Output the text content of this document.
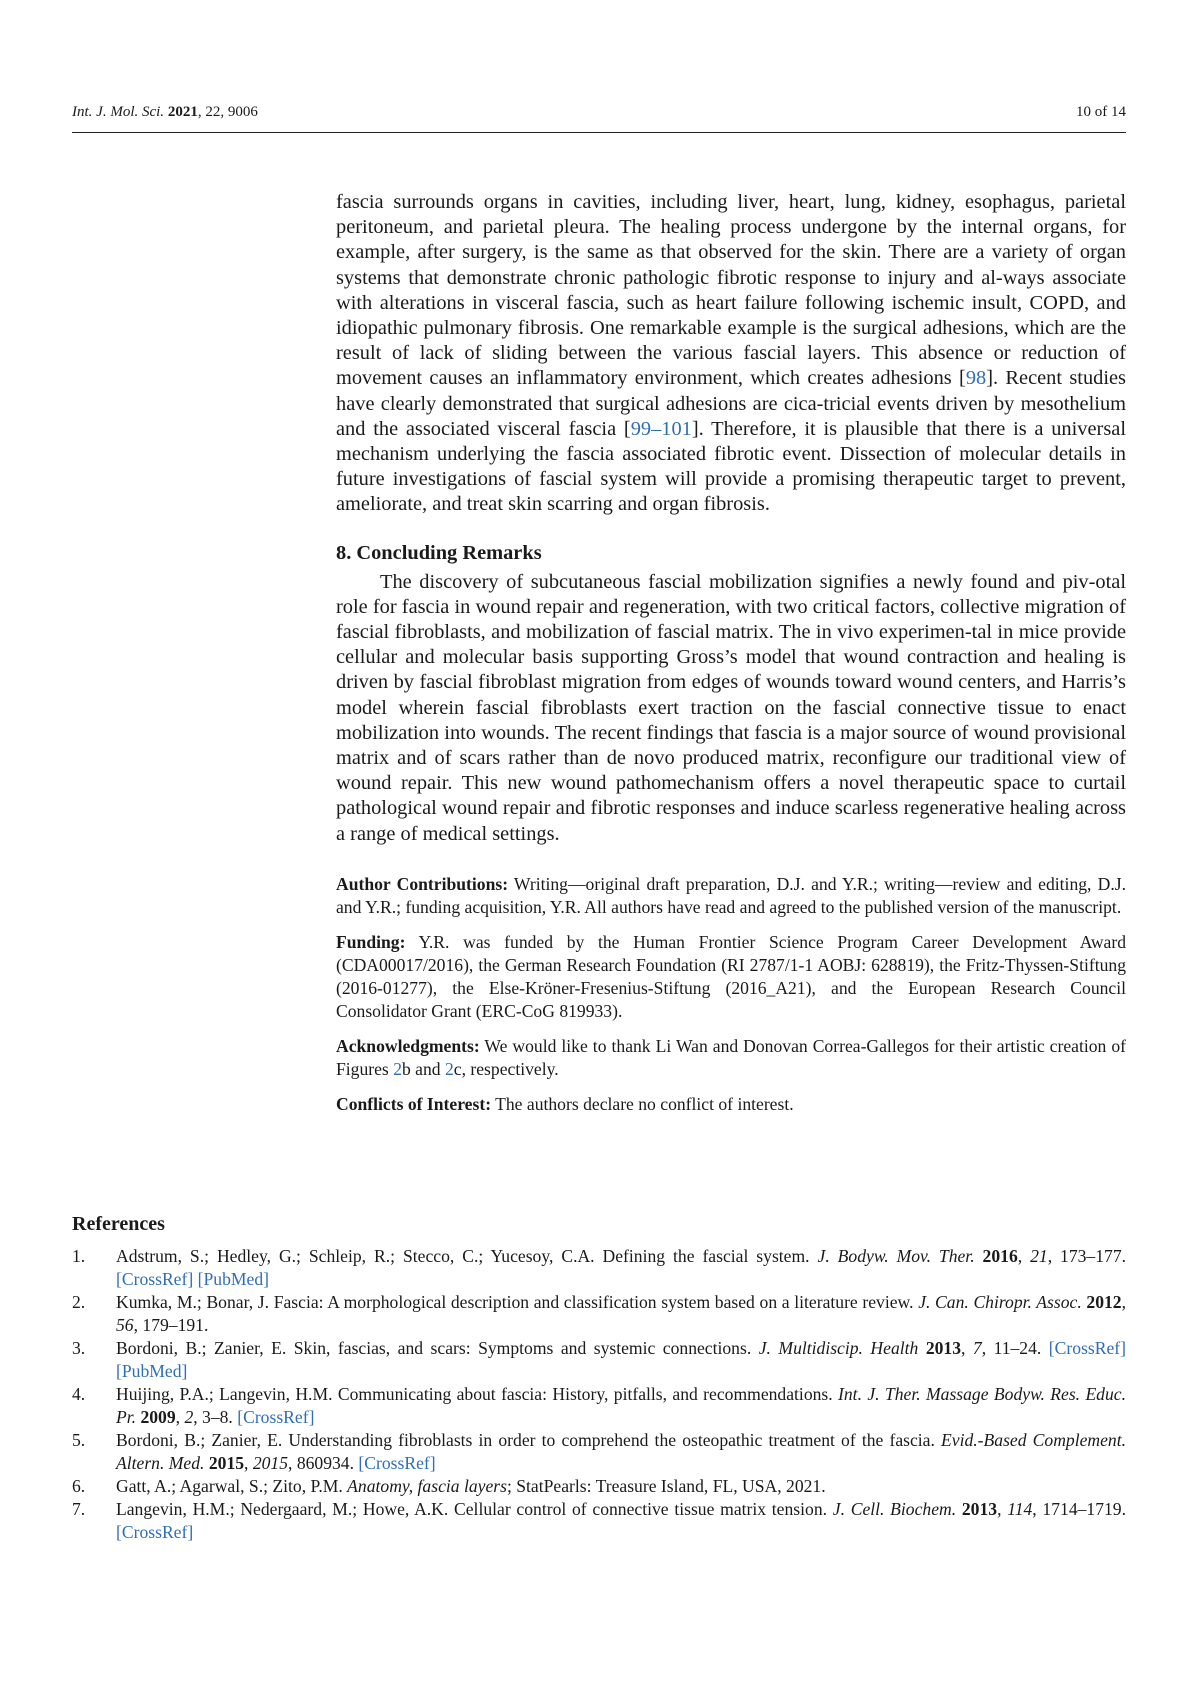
Int. J. Mol. Sci. 2021, 22, 9006	10 of 14

fascia surrounds organs in cavities, including liver, heart, lung, kidney, esophagus, parietal peritoneum, and parietal pleura. The healing process undergone by the internal organs, for example, after surgery, is the same as that observed for the skin. There are a variety of organ systems that demonstrate chronic pathologic fibrotic response to injury and al-ways associate with alterations in visceral fascia, such as heart failure following ischemic insult, COPD, and idiopathic pulmonary fibrosis. One remarkable example is the surgical adhesions, which are the result of lack of sliding between the various fascial layers. This absence or reduction of movement causes an inflammatory environment, which creates adhesions [98]. Recent studies have clearly demonstrated that surgical adhesions are cica-tricial events driven by mesothelium and the associated visceral fascia [99–101]. Therefore, it is plausible that there is a universal mechanism underlying the fascia associated fibrotic event. Dissection of molecular details in future investigations of fascial system will provide a promising therapeutic target to prevent, ameliorate, and treat skin scarring and organ fibrosis.

8. Concluding Remarks

The discovery of subcutaneous fascial mobilization signifies a newly found and piv-otal role for fascia in wound repair and regeneration, with two critical factors, collective migration of fascial fibroblasts, and mobilization of fascial matrix. The in vivo experimen-tal in mice provide cellular and molecular basis supporting Gross’s model that wound contraction and healing is driven by fascial fibroblast migration from edges of wounds toward wound centers, and Harris’s model wherein fascial fibroblasts exert traction on the fascial connective tissue to enact mobilization into wounds. The recent findings that fascia is a major source of wound provisional matrix and of scars rather than de novo produced matrix, reconfigure our traditional view of wound repair. This new wound pathomechanism offers a novel therapeutic space to curtail pathological wound repair and fibrotic responses and induce scarless regenerative healing across a range of medical settings.

Author Contributions: Writing—original draft preparation, D.J. and Y.R.; writing—review and editing, D.J. and Y.R.; funding acquisition, Y.R. All authors have read and agreed to the published version of the manuscript.

Funding: Y.R. was funded by the Human Frontier Science Program Career Development Award (CDA00017/2016), the German Research Foundation (RI 2787/1-1 AOBJ: 628819), the Fritz-Thyssen-Stiftung (2016-01277), the Else-Kröner-Fresenius-Stiftung (2016_A21), and the European Research Council Consolidator Grant (ERC-CoG 819933).

Acknowledgments: We would like to thank Li Wan and Donovan Correa-Gallegos for their artistic creation of Figures 2b and 2c, respectively.

Conflicts of Interest: The authors declare no conflict of interest.

References
1. Adstrum, S.; Hedley, G.; Schleip, R.; Stecco, C.; Yucesoy, C.A. Defining the fascial system. J. Bodyw. Mov. Ther. 2016, 21, 173–177. [CrossRef] [PubMed]
2. Kumka, M.; Bonar, J. Fascia: A morphological description and classification system based on a literature review. J. Can. Chiropr. Assoc. 2012, 56, 179–191.
3. Bordoni, B.; Zanier, E. Skin, fascias, and scars: Symptoms and systemic connections. J. Multidiscip. Health 2013, 7, 11–24. [CrossRef] [PubMed]
4. Huijing, P.A.; Langevin, H.M. Communicating about fascia: History, pitfalls, and recommendations. Int. J. Ther. Massage Bodyw. Res. Educ. Pr. 2009, 2, 3–8. [CrossRef]
5. Bordoni, B.; Zanier, E. Understanding fibroblasts in order to comprehend the osteopathic treatment of the fascia. Evid.-Based Complement. Altern. Med. 2015, 2015, 860934. [CrossRef]
6. Gatt, A.; Agarwal, S.; Zito, P.M. Anatomy, fascia layers; StatPearls: Treasure Island, FL, USA, 2021.
7. Langevin, H.M.; Nedergaard, M.; Howe, A.K. Cellular control of connective tissue matrix tension. J. Cell. Biochem. 2013, 114, 1714–1719. [CrossRef]
